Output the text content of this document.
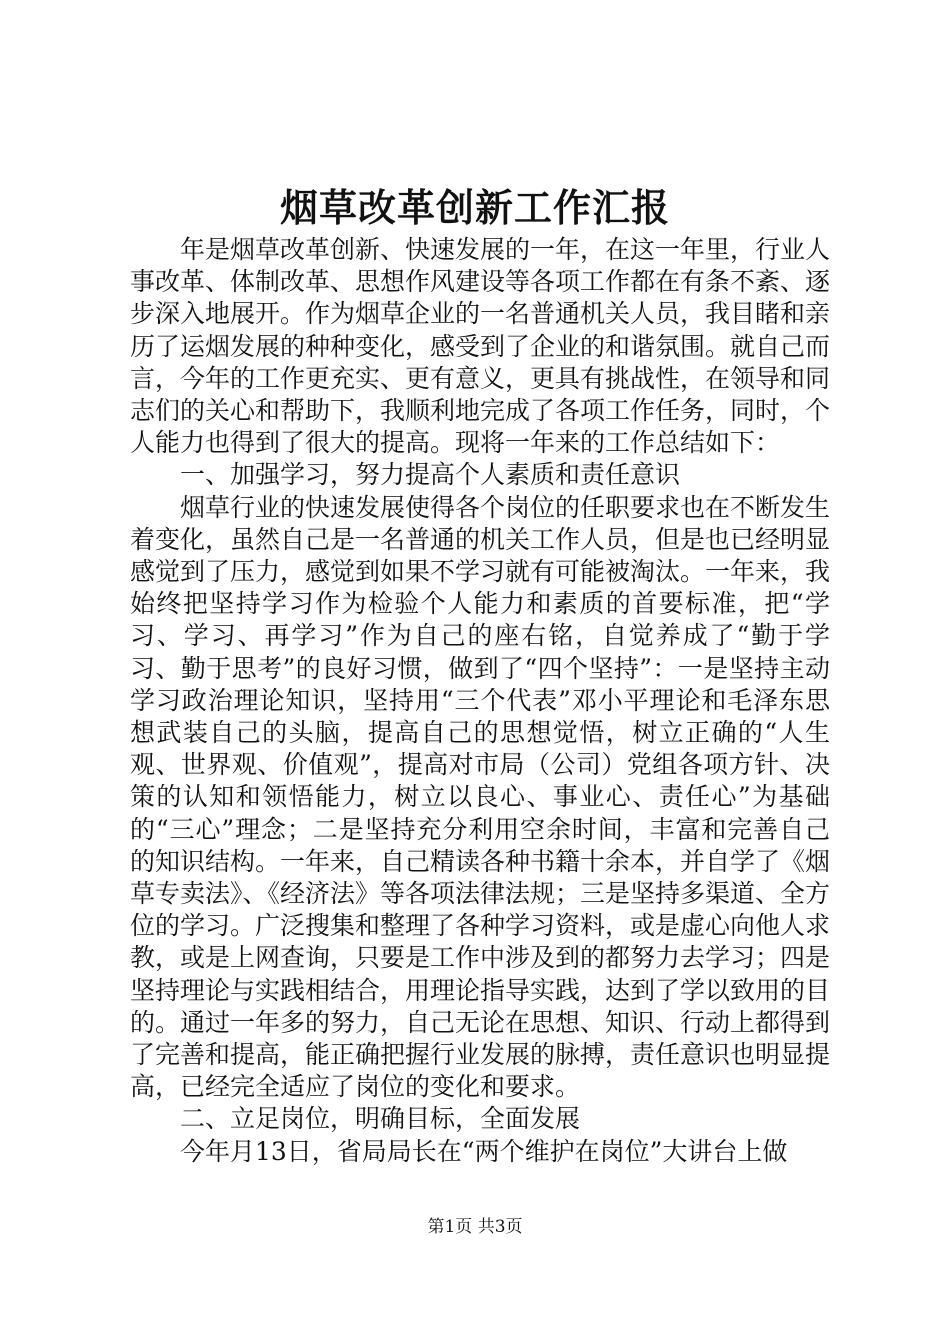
烟草改革创新工作汇报

年是烟草改革创新、快速发展的一年，在这一年里，行业人事改革、体制改革、思想作风建设等各项工作都在有条不紊、逐步深入地展开。作为烟草企业的一名普通机关人员，我目睹和亲历了运烟发展的种种变化，感受到了企业的和谐氛围。就自己而言，今年的工作更充实、更有意义，更具有挑战性，在领导和同志们的关心和帮助下，我顺利地完成了各项工作任务，同时，个人能力也得到了很大的提高。现将一年来的工作总结如下：

一、加强学习，努力提高个人素质和责任意识

烟草行业的快速发展使得各个岗位的任职要求也在不断发生着变化，虽然自己是一名普通的机关工作人员，但是也已经明显感觉到了压力，感觉到如果不学习就有可能被淘汰。一年来，我始终把坚持学习作为检验个人能力和素质的首要标准，把“学习、学习、再学习”作为自己的座右铭，自觉养成了“勤于学习、勤于思考”的良好习惯，做到了“四个坚持”：一是坚持主动学习政治理论知识，坚持用“三个代表”邓小平理论和毛泽东思想武装自己的头脑，提高自己的思想觉悟，树立正确的“人生观、世界观、价值观”，提高对市局（公司）党组各项方针、决策的认知和领悟能力，树立以良心、事业心、责任心”为基础的“三心”理念；二是坚持充分利用空余时间，丰富和完善自己的知识结构。一年来，自己精读各种书籍十余本，并自学了《烟草专卖法》、《经济法》等各项法律法规；三是坚持多渠道、全方位的学习。广泛搜集和整理了各种学习资料，或是虚心向他人求教，或是上网查询，只要是工作中涉及到的都努力去学习；四是坚持理论与实践相结合，用理论指导实践，达到了学以致用的目的。通过一年多的努力，自己无论在思想、知识、行动上都得到了完善和提高，能正确把握行业发展的脉搏，责任意识也明显提高，已经完全适应了岗位的变化和要求。

二、立足岗位，明确目标，全面发展

今年月13日，省局局长在“两个维护在岗位”大讲台上做

第1页 共3页
